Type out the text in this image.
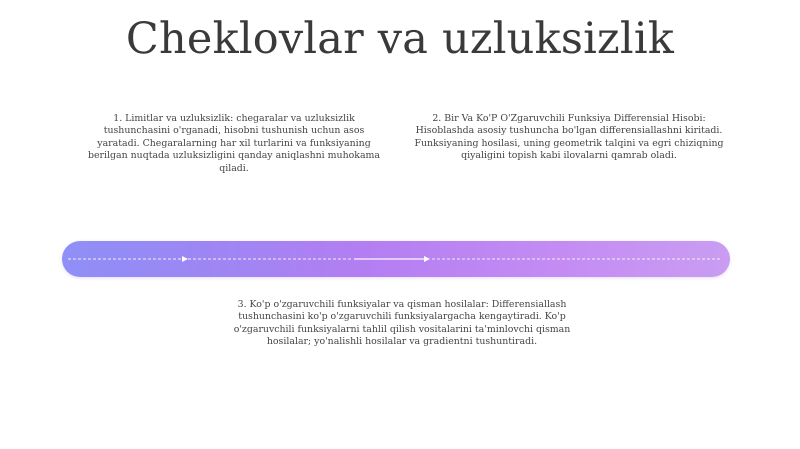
Cheklovlar va uzluksizlik
1. Limitlar va uzluksizlik: chegaralar va uzluksizlik tushunchasini o'rganadi, hisobni tushunish uchun asos yaratadi. Chegaralarning har xil turlarini va funksiyaning berilgan nuqtada uzluksizligini qanday aniqlashni muhokama qiladi.
2. Bir Va Ko'P O'Zgaruvchili Funksiya Differensial Hisobi: Hisoblashda asosiy tushuncha bo'lgan differensiallashni kiritadi. Funksiyaning hosilasi, uning geometrik talqini va egri chiziqning qiyaligini topish kabi ilovalarni qamrab oladi.
3. Ko'p o'zgaruvchili funksiyalar va qisman hosilalar: Differensiallash tushunchasini ko'p o'zgaruvchili funksiyalargacha kengaytiradi. Ko'p o'zgaruvchili funksiyalarni tahlil qilish vositalarini ta'minlovchi qisman hosilalar; yo'nalishli hosilalar va gradientni tushuntiradi.
